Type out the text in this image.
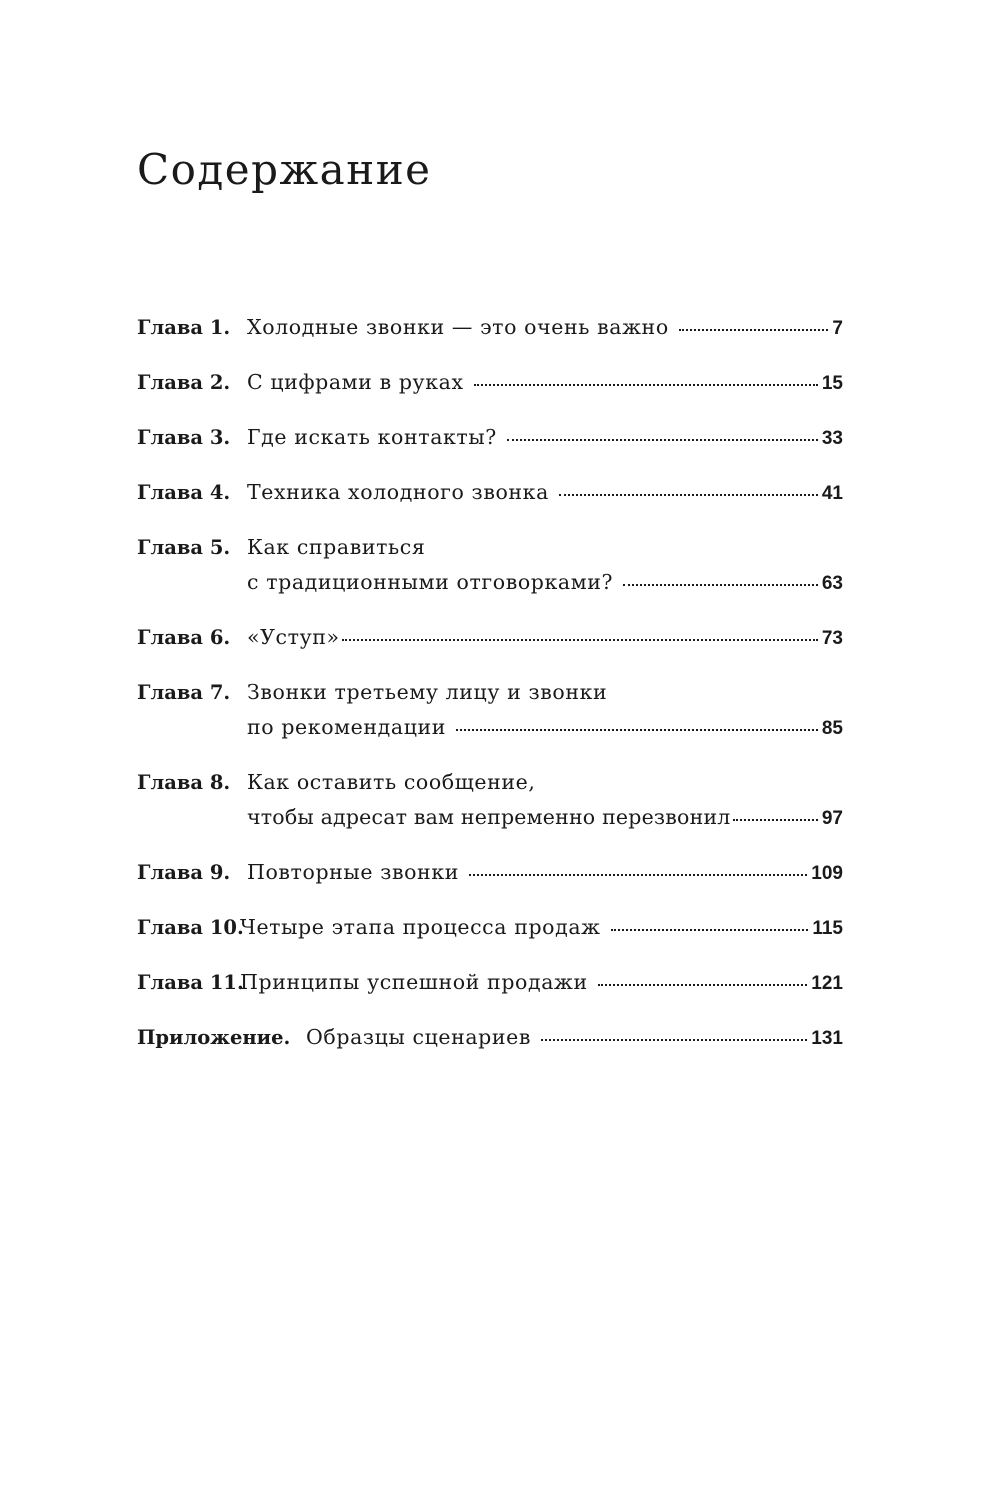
Содержание
Глава 1. Холодные звонки — это очень важно	7
Глава 2. С цифрами в руках	15
Глава 3. Где искать контакты?	33
Глава 4. Техника холодного звонка	41
Глава 5. Как справиться
с традиционными отговорками?	63
Глава 6. «Уступ»	73
Глава 7. Звонки третьему лицу и звонки
по рекомендации	85
Глава 8. Как оставить сообщение,
чтобы адресат вам непременно перезвонил	97
Глава 9. Повторные звонки	109
Глава 10.
Четыре этапа процесса продаж	115
Глава 11.
Принципы успешной продажи	121
Приложение. Образцы сценариев	131
